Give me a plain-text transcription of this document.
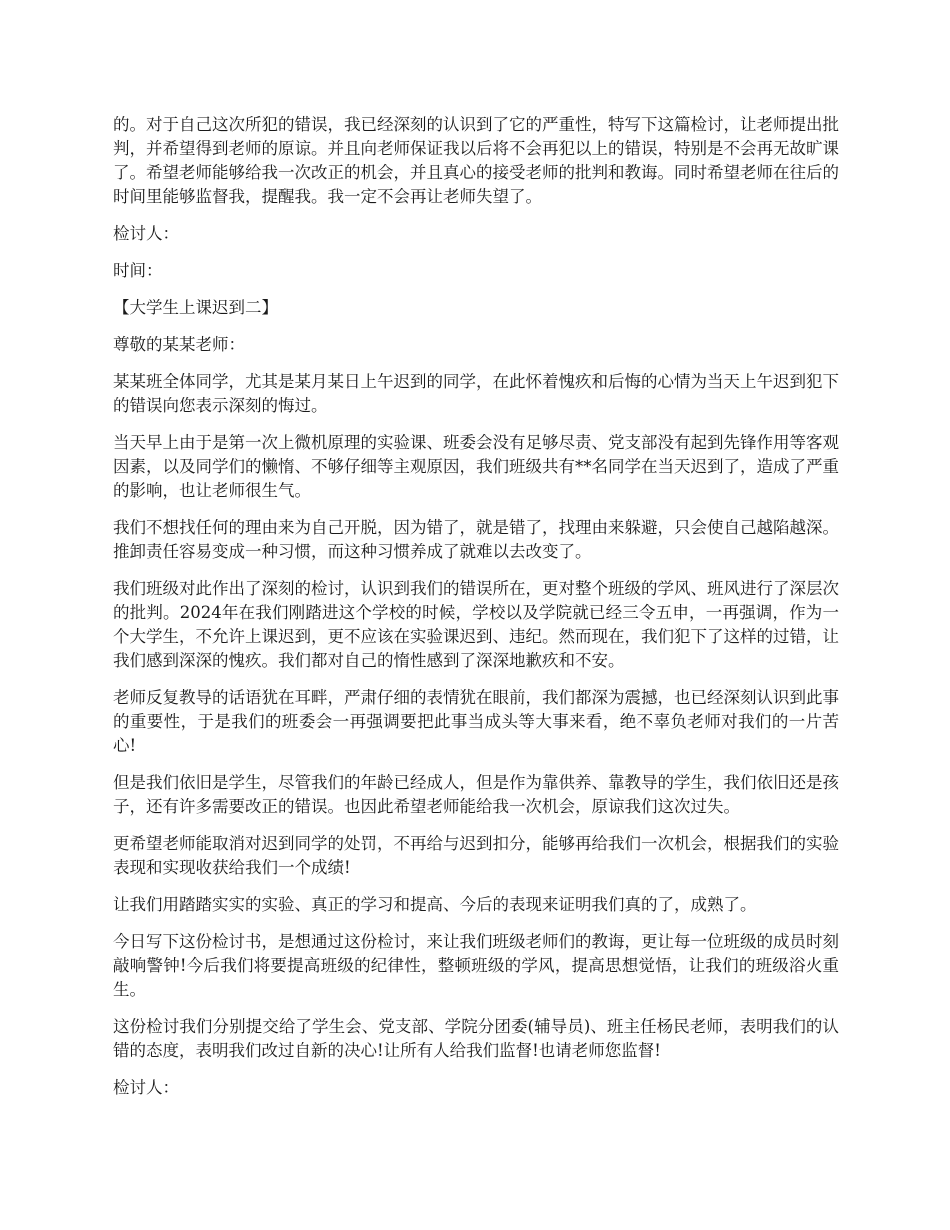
的。对于自己这次所犯的错误，我已经深刻的认识到了它的严重性，特写下这篇检讨，让老师提出批判，并希望得到老师的原谅。并且向老师保证我以后将不会再犯以上的错误，特别是不会再无故旷课了。希望老师能够给我一次改正的机会，并且真心的接受老师的批判和教诲。同时希望老师在往后的时间里能够监督我，提醒我。我一定不会再让老师失望了。

检讨人：

时间：

【大学生上课迟到二】

尊敬的某某老师：

某某班全体同学，尤其是某月某日上午迟到的同学，在此怀着愧疚和后悔的心情为当天上午迟到犯下的错误向您表示深刻的悔过。

当天早上由于是第一次上微机原理的实验课、班委会没有足够尽责、党支部没有起到先锋作用等客观因素，以及同学们的懒惰、不够仔细等主观原因，我们班级共有**名同学在当天迟到了，造成了严重的影响，也让老师很生气。

我们不想找任何的理由来为自己开脱，因为错了，就是错了，找理由来躲避，只会使自己越陷越深。推卸责任容易变成一种习惯，而这种习惯养成了就难以去改变了。

我们班级对此作出了深刻的检讨，认识到我们的错误所在，更对整个班级的学风、班风进行了深层次的批判。2024年在我们刚踏进这个学校的时候，学校以及学院就已经三令五申，一再强调，作为一个大学生，不允许上课迟到，更不应该在实验课迟到、违纪。然而现在，我们犯下了这样的过错，让我们感到深深的愧疚。我们都对自己的惰性感到了深深地歉疚和不安。

老师反复教导的话语犹在耳畔，严肃仔细的表情犹在眼前，我们都深为震撼，也已经深刻认识到此事的重要性，于是我们的班委会一再强调要把此事当成头等大事来看，绝不辜负老师对我们的一片苦心!

但是我们依旧是学生，尽管我们的年龄已经成人，但是作为靠供养、靠教导的学生，我们依旧还是孩子，还有许多需要改正的错误。也因此希望老师能给我一次机会，原谅我们这次过失。

更希望老师能取消对迟到同学的处罚，不再给与迟到扣分，能够再给我们一次机会，根据我们的实验表现和实现收获给我们一个成绩!

让我们用踏踏实实的实验、真正的学习和提高、今后的表现来证明我们真的了，成熟了。

今日写下这份检讨书，是想通过这份检讨，来让我们班级老师们的教诲，更让每一位班级的成员时刻敲响警钟!今后我们将要提高班级的纪律性，整顿班级的学风，提高思想觉悟，让我们的班级浴火重生。

这份检讨我们分别提交给了学生会、党支部、学院分团委(辅导员)、班主任杨民老师，表明我们的认错的态度，表明我们改过自新的决心!让所有人给我们监督!也请老师您监督!

检讨人：
